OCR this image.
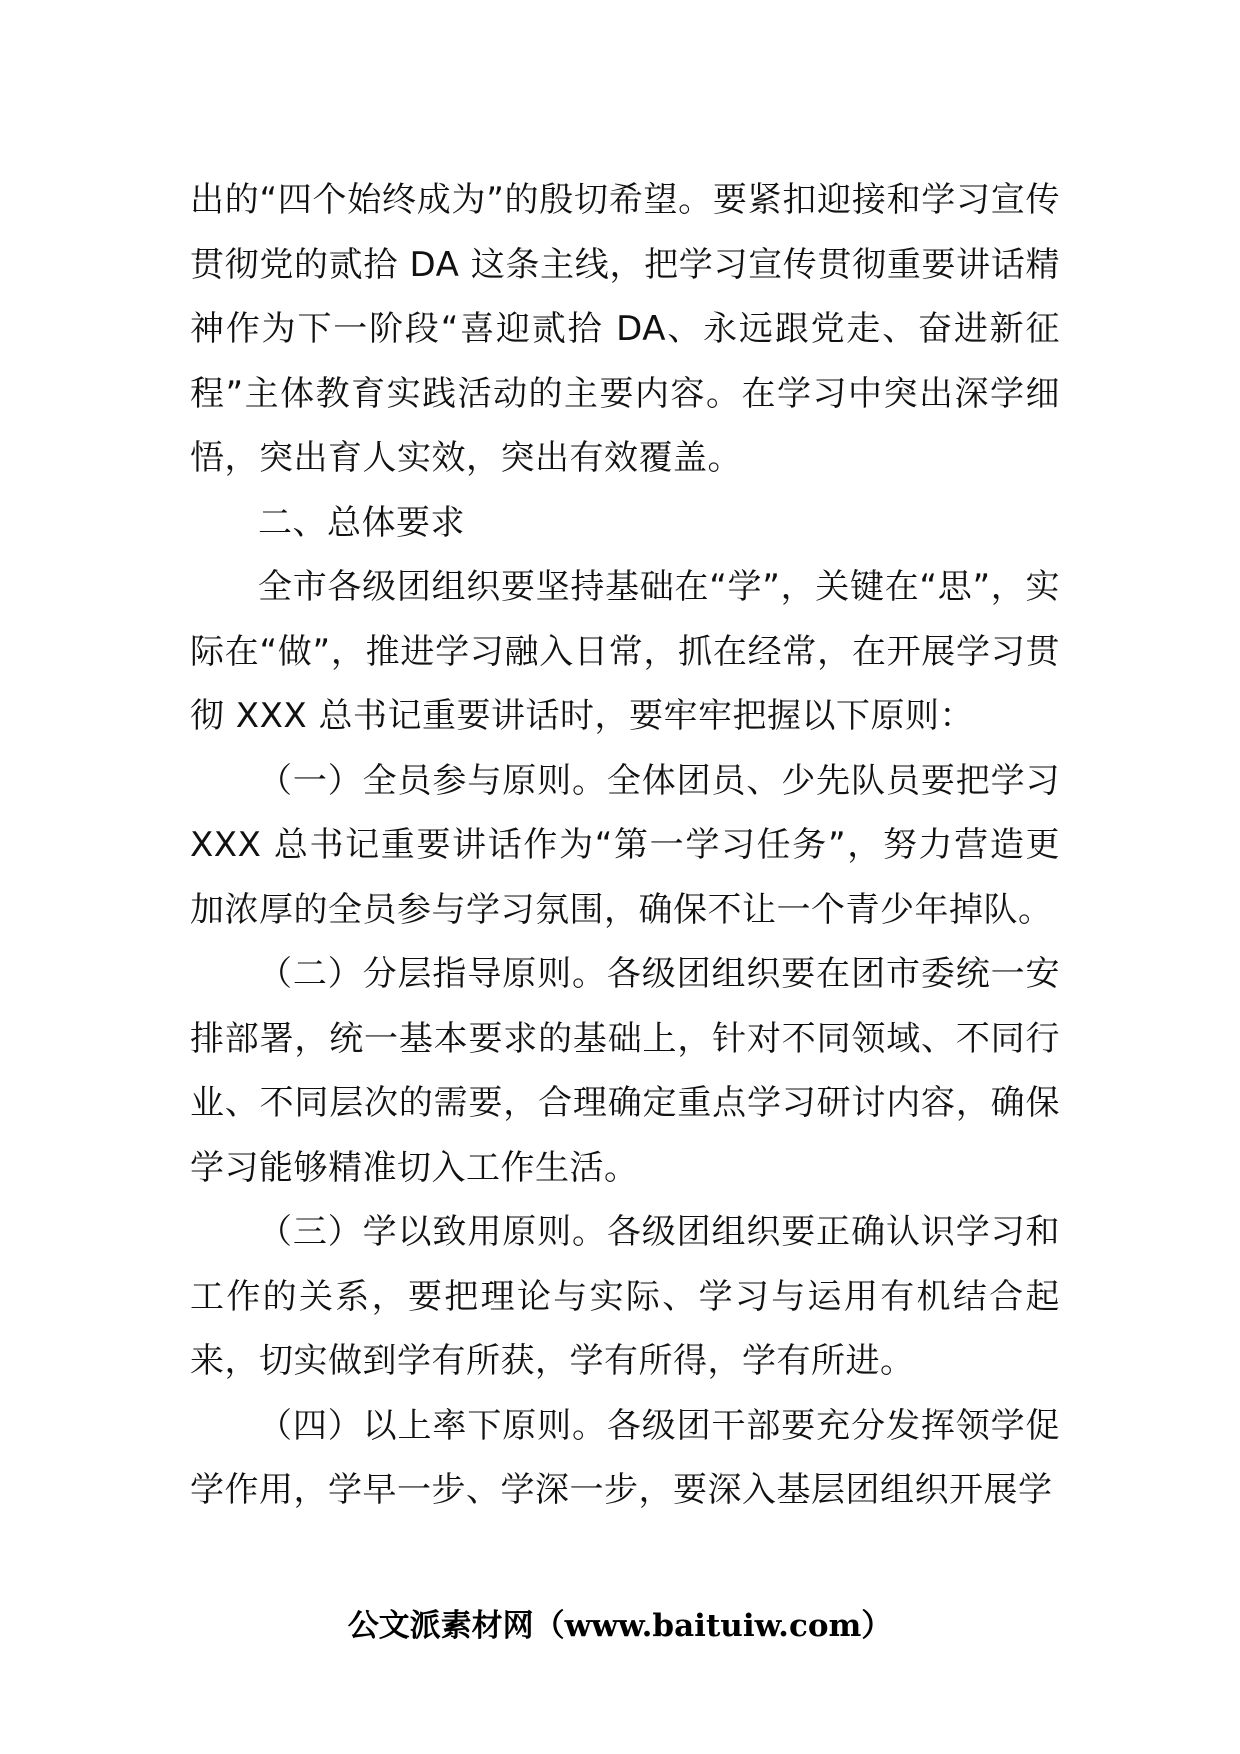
出的“四个始终成为”的殷切希望。要紧扣迎接和学习宣传贯彻党的贰拾 DA 这条主线，把学习宣传贯彻重要讲话精神作为下一阶段“喜迎贰拾 DA、永远跟党走、奋进新征程”主体教育实践活动的主要内容。在学习中突出深学细悟，突出育人实效，突出有效覆盖。

二、总体要求

全市各级团组织要坚持基础在“学”，关键在“思”，实际在“做”，推进学习融入日常，抓在经常，在开展学习贯彻 XXX 总书记重要讲话时，要牢牢把握以下原则：

（一）全员参与原则。全体团员、少先队员要把学习 XXX 总书记重要讲话作为“第一学习任务”，努力营造更加浓厚的全员参与学习氛围，确保不让一个青少年掉队。

（二）分层指导原则。各级团组织要在团市委统一安排部署，统一基本要求的基础上，针对不同领域、不同行业、不同层次的需要，合理确定重点学习研讨内容，确保学习能够精准切入工作生活。

（三）学以致用原则。各级团组织要正确认识学习和工作的关系，要把理论与实际、学习与运用有机结合起来，切实做到学有所获，学有所得，学有所进。

（四）以上率下原则。各级团干部要充分发挥领学促学作用，学早一步、学深一步，要深入基层团组织开展学

公文派素材网（www.baituiw.com）
